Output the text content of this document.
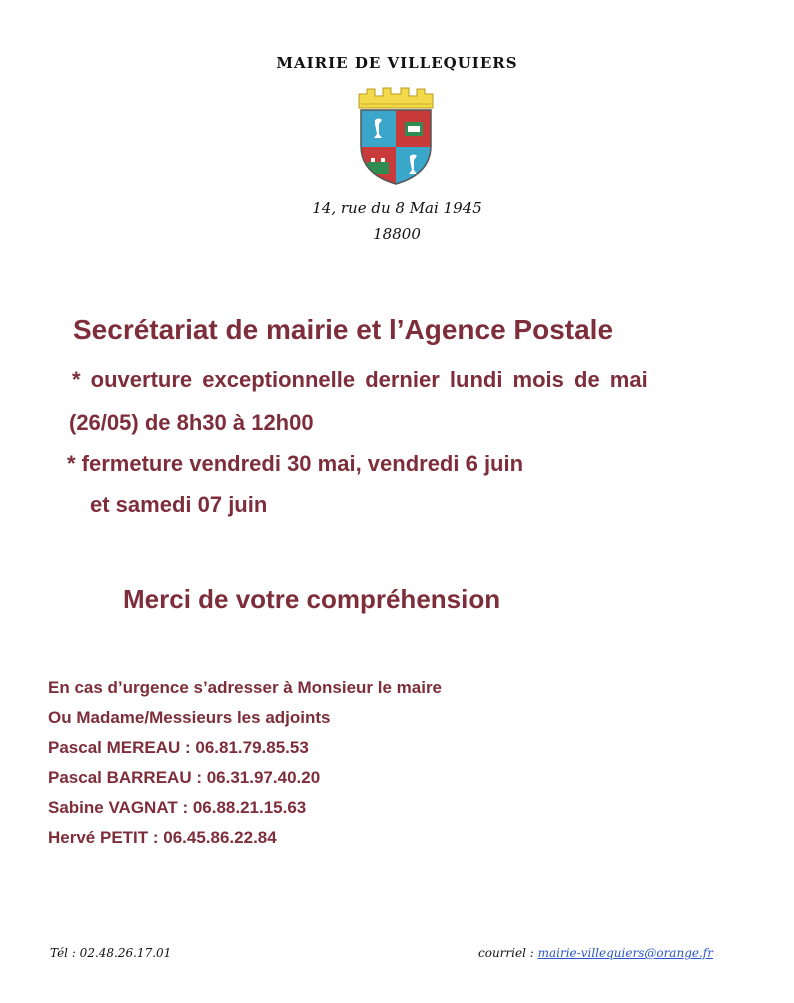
MAIRIE DE VILLEQUIERS
14, rue du 8 Mai 1945
18800
Secrétariat de mairie et l’Agence Postale
* ouverture exceptionnelle dernier lundi mois de mai
(26/05) de 8h30 à 12h00
* fermeture vendredi 30 mai, vendredi 6 juin
et samedi 07 juin
Merci de votre compréhension
En cas d’urgence s’adresser à Monsieur le maire
Ou Madame/Messieurs les adjoints
Pascal MEREAU : 06.81.79.85.53
Pascal BARREAU : 06.31.97.40.20
Sabine VAGNAT : 06.88.21.15.63
Hervé PETIT : 06.45.86.22.84
Tél : 02.48.26.17.01	courriel : mairie-villequiers@orange.fr
